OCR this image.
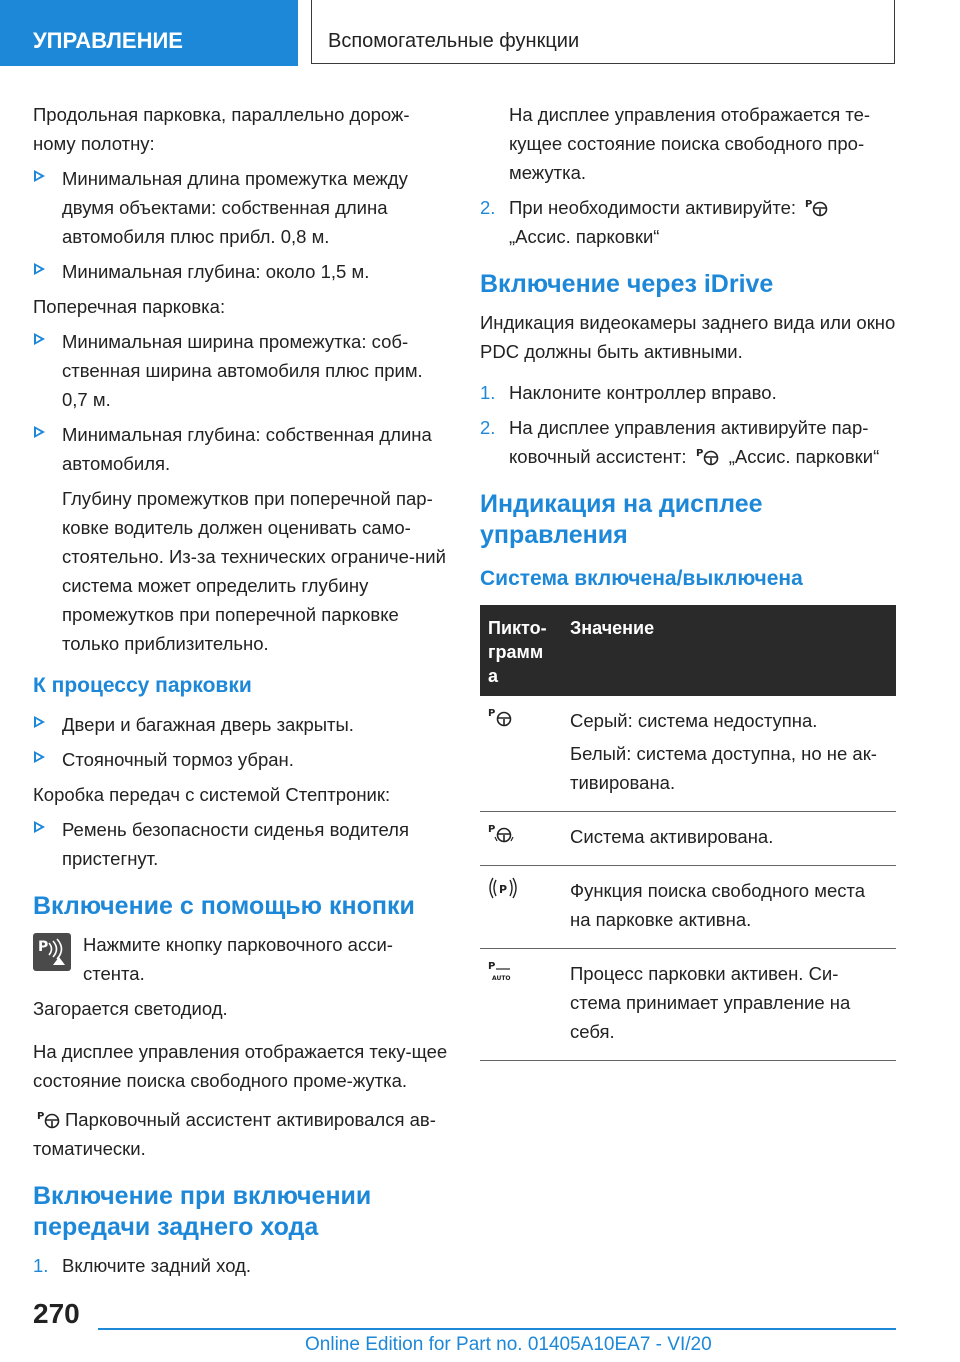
УПРАВЛЕНИЕ	Вспомогательные функции

Продольная парковка, параллельно дорож-ному полотну:

Минимальная длина промежутка между двумя объектами: собственная длина автомобиля плюс прибл. 0,8 м.
Минимальная глубина: около 1,5 м.

Поперечная парковка:

Минимальная ширина промежутка: соб-ственная ширина автомобиля плюс прим. 0,7 м.
Минимальная глубина: собственная длина автомобиля.
Глубину промежутков при поперечной пар-ковке водитель должен оценивать само-стоятельно. Из-за технических ограниче-ний система может определить глубину промежутков при поперечной парковке только приблизительно.
К процессу парковки
Двери и багажная дверь закрыты.
Стояночный тормоз убран.

Коробка передач с системой Стептроник:

Ремень безопасности сиденья водителя пристегнут.
Включение с помощью кнопки
P Нажмите кнопку парковочного асси-стента.

Загорается светодиод.

На дисплее управления отображается теку-щее состояние поиска свободного проме-жутка.

P Парковочный ассистент активировался ав-томатически.

Включение при включении передачи заднего хода
1. Включите задний ход.
На дисплее управления отображается те-кущее состояние поиска свободного про-межутка.
2. При необходимости активируйте: P

„Ассис. парковки“
Включение через iDrive

Индикация видеокамеры заднего вида или окно PDC должны быть активными.

1. Наклоните контроллер вправо.
2. На дисплее управления активируйте пар-ковочный ассистент: P „Ассис. парковки“
Индикация на дисплее управления
Система включена/выключена
Пикто-грамм а	Значение

P	Серый: система недоступна.

Белый: система доступна, но не ак-тивирована.

P	Система активирована.

P	Функция поиска свободного места на парковке активна.

P
AUTO	Процесс парковки активен. Си-стема принимает управление на себя.

270
Online Edition for Part no. 01405A10EA7 - VI/20
